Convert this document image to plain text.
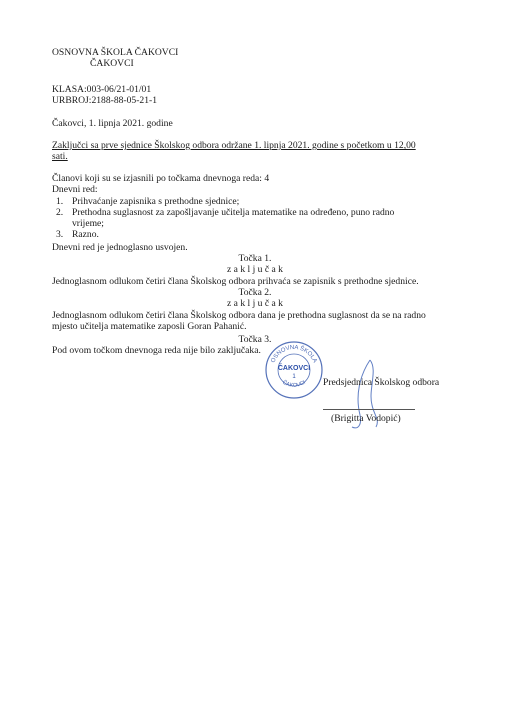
OSNOVNA ŠKOLA ČAKOVCI
ČAKOVCI
KLASA:003-06/21-01/01
URBROJ:2188-88-05-21-1
Čakovci, 1. lipnja 2021. godine
Zaključci sa prve sjednice Školskog odbora održane 1. lipnja 2021. godine s početkom u 12,00
sati.
Članovi koji su se izjasnili po točkama dnevnoga reda: 4
Dnevni red:
1. Prihvaćanje zapisnika s prethodne sjednice;
2. Prethodna suglasnost za zapošljavanje učitelja matematike na određeno, puno radno
vrijeme;
3. Razno.
Dnevni red je jednoglasno usvojen.
Točka 1.
z a k l j u č a k
Jednoglasnom odlukom četiri člana Školskog odbora prihvaća se zapisnik s prethodne sjednice.
Točka 2.
z a k l j u č a k
Jednoglasnom odlukom četiri člana Školskog odbora dana je prethodna suglasnost da se na radno
mjesto učitelja matematike zaposli Goran Pahanić.
Točka 3.
Pod ovom točkom dnevnoga reda nije bilo zaključaka.
OSNOVNA ŠKOLA
ČAKOVCI
ČAKOVCI
1	Predsjednica Školskog odbora
(Brigitta Vodopić)
